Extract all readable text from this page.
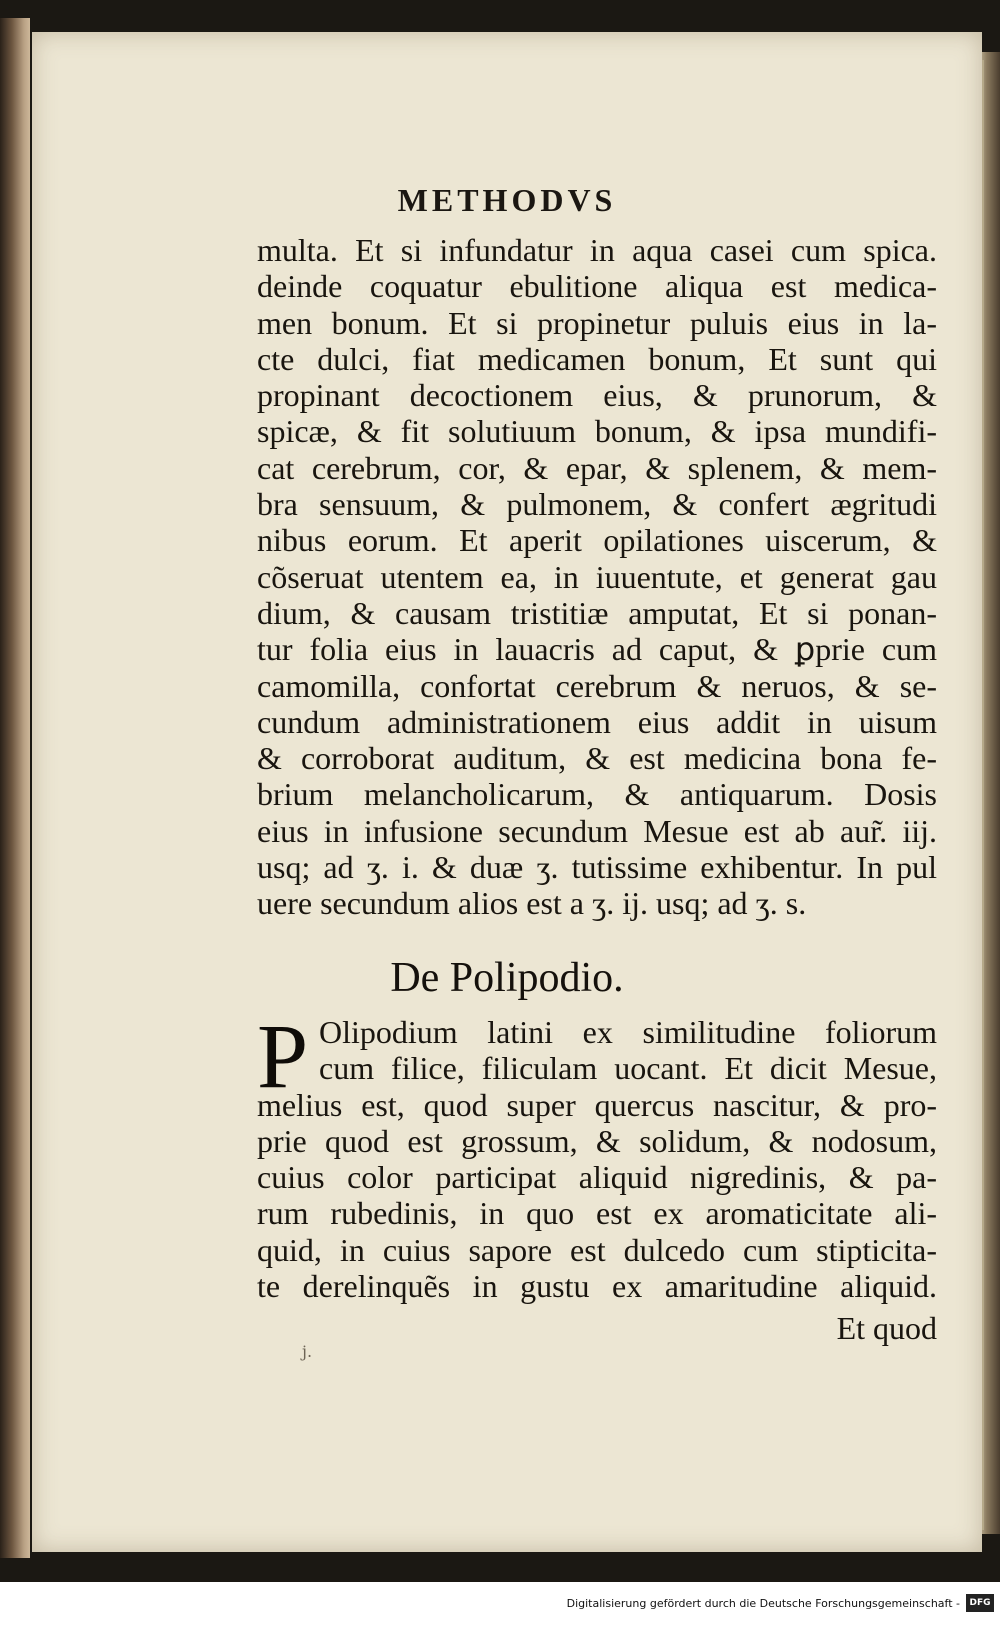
METHODVS
multa. Et si infundatur in aqua casei cum spica.
deinde coquatur ebulitione aliqua est medica-
men bonum. Et si propinetur puluis eius in la-
cte dulci, fiat medicamen bonum, Et sunt qui
propinant decoctionem eius, & prunorum, &
spicæ, & fit solutiuum bonum, & ipsa mundifi-
cat cerebrum, cor, & epar, & splenem, & mem-
bra sensuum, & pulmonem, & confert ægritudi
nibus eorum. Et aperit opilationes uiscerum, &
cõseruat utentem ea, in iuuentute, et generat gau
dium, & causam tristitiæ amputat, Et si ponan-
tur folia eius in lauacris ad caput, & ꝑprie cum
camomilla, confortat cerebrum & neruos, & se-
cundum administrationem eius addit in uisum
& corroborat auditum, & est medicina bona fe-
brium melancholicarum, & antiquarum. Dosis
eius in infusione secundum Mesue est ab aur̃. iij.
usq; ad ʒ. i. & duæ ʒ. tutissime exhibentur. In pul
uere secundum alios est a ʒ. ij. usq; ad ʒ. s.
De Polipodio.
P Olipodium latini ex similitudine foliorum
cum filice, filiculam uocant. Et dicit Mesue,
melius est, quod super quercus nascitur, & pro-
prie quod est grossum, & solidum, & nodosum,
cuius color participat aliquid nigredinis, & pa-
rum rubedinis, in quo est ex aromaticitate ali-
quid, in cuius sapore est dulcedo cum stipticita-
te derelinquẽs in gustu ex amaritudine aliquid.
Et quod
j.
Digitalisierung gefördert durch die Deutsche Forschungsgemeinschaft -	DFG
